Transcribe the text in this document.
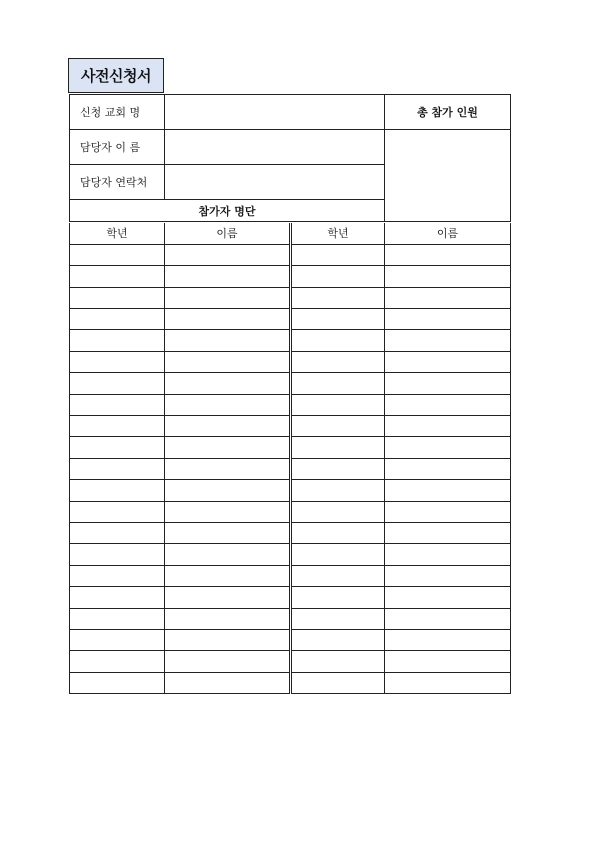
사전신청서
신청 교회 명		총 참가 인원
담당자 이 름		
담당자 연락처		
참가자 명단		
학년	이름	학년	이름
